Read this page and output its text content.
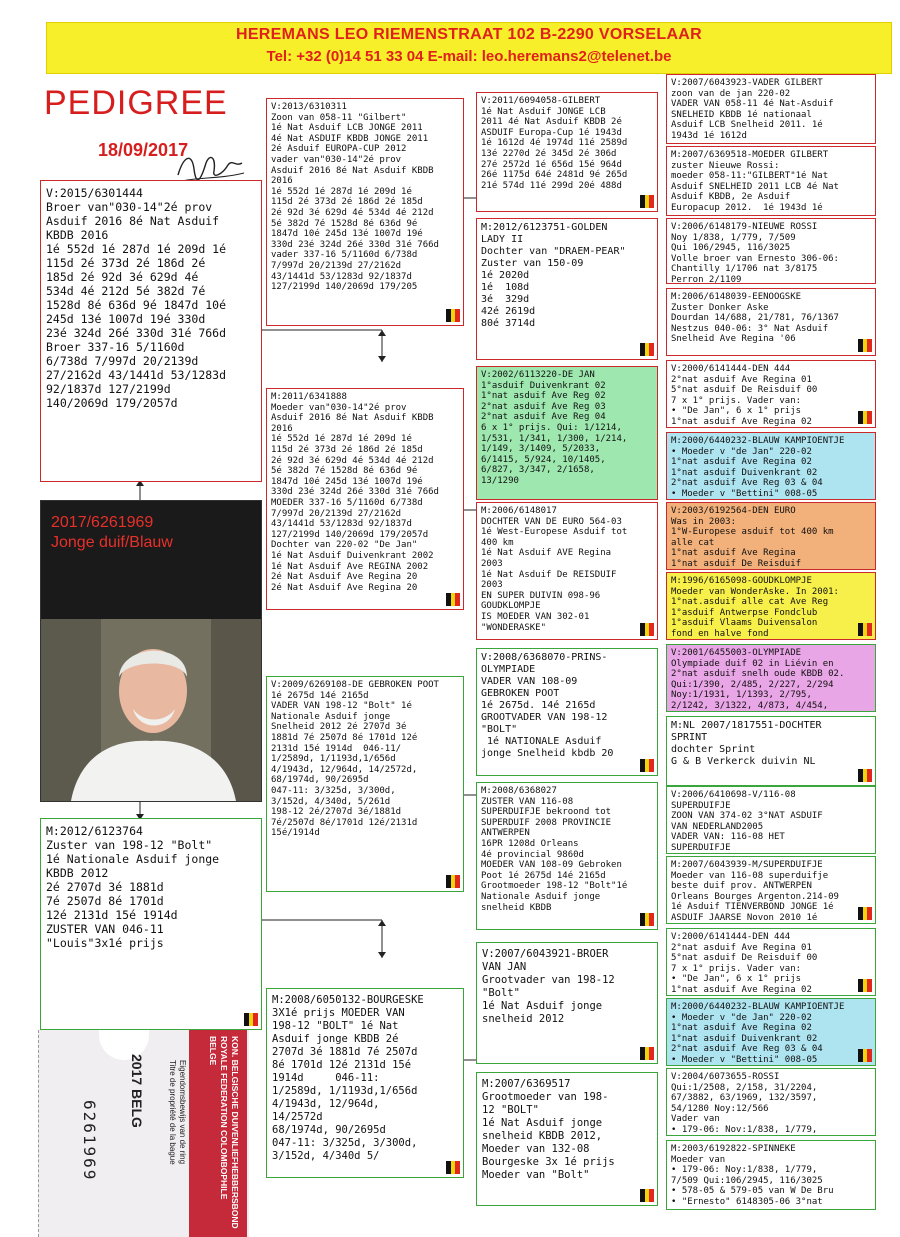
HEREMANS LEO RIEMENSTRAAT 102 B-2290 VORSELAAR
Tel: +32 (0)14 51 33 04 E-mail: leo.heremans2@telenet.be
PEDIGREE
18/09/2017
V:2015/6301444
Broer van"030-14"2é prov
Asduif 2016 8é Nat Asduif
KBDB 2016
1é 552d 1é 287d 1é 209d 1é
115d 2é 373d 2é 186d 2é
185d 2é 92d 3é 629d 4é
534d 4é 212d 5é 382d 7é
1528d 8é 636d 9é 1847d 10é
245d 13é 1007d 19é 330d
23é 324d 26é 330d 31é 766d
Broer 337-16 5/1160d
6/738d 7/997d 20/2139d
27/2162d 43/1441d 53/1283d
92/1837d 127/2199d
140/2069d 179/2057d
M:2012/6123764
Zuster van 198-12 "Bolt"
1é Nationale Asduif jonge
KBDB 2012
2é 2707d 3é 1881d
7é 2507d 8é 1701d
12é 2131d 15é 1914d
ZUSTER VAN 046-11
"Louis"3x1é prijs
2017/6261969
Jonge duif/Blauw
6261969
2017 BELG	Eigendomsbewijs van de ring
Titre de propriété de la bague	KON. BELGISCHE DUIVENLIEFHEBBERSBOND
ROYALE FEDERATION COLOMBOPHILE BELGE
V:2013/6310311
Zoon van 058-11 "Gilbert"
1é Nat Asduif LCB JONGE 2011
4é Nat ASDUIF KBDB JONGE 2011
2é Asduif EUROPA-CUP 2012
vader van"030-14"2é prov
Asduif 2016 8é Nat Asduif KBDB
2016
1é 552d 1é 287d 1é 209d 1é
115d 2é 373d 2é 186d 2é 185d
2é 92d 3é 629d 4é 534d 4é 212d
5é 382d 7é 1528d 8é 636d 9é
1847d 10é 245d 13é 1007d 19é
330d 23é 324d 26é 330d 31é 766d
vader 337-16 5/1160d 6/738d
7/997d 20/2139d 27/2162d
43/1441d 53/1283d 92/1837d
127/2199d 140/2069d 179/205
M:2011/6341888
Moeder van"030-14"2é prov
Asduif 2016 8é Nat Asduif KBDB
2016
1é 552d 1é 287d 1é 209d 1é
115d 2é 373d 2é 186d 2é 185d
2é 92d 3é 629d 4é 534d 4é 212d
5é 382d 7é 1528d 8é 636d 9é
1847d 10é 245d 13é 1007d 19é
330d 23é 324d 26é 330d 31é 766d
MOEDER 337-16 5/1160d 6/738d
7/997d 20/2139d 27/2162d
43/1441d 53/1283d 92/1837d
127/2199d 140/2069d 179/2057d
Dochter van 220-02 "De Jan"
1é Nat Asduif Duivenkrant 2002
1é Nat Asduif Ave REGINA 2002
2é Nat Asduif Ave Regina 20
2é Nat Asduif Ave Regina 20
V:2009/6269108-DE GEBROKEN POOT
1é 2675d 14é 2165d
VADER VAN 198-12 "Bolt" 1é
Nationale Asduif jonge
Snelheid 2012 2é 2707d 3é
1881d 7é 2507d 8é 1701d 12é
2131d 15é 1914d  046-11/
1/2589d, 1/1193d,1/656d
4/1943d, 12/964d, 14/2572d,
68/1974d, 90/2695d
047-11: 3/325d, 3/300d,
3/152d, 4/340d, 5/261d
198-12 2é/2707d 3é/1881d
7é/2507d 8é/1701d 12é/2131d
15é/1914d
M:2008/6050132-BOURGESKE
3X1é prijs MOEDER VAN
198-12 "BOLT" 1é Nat
Asduif jonge KBDB 2é
2707d 3é 1881d 7é 2507d
8é 1701d 12é 2131d 15é
1914d     046-11:
1/2589d, 1/1193d,1/656d
4/1943d, 12/964d,
14/2572d
68/1974d, 90/2695d
047-11: 3/325d, 3/300d,
3/152d, 4/340d 5/
V:2011/6094058-GILBERT
1é Nat Asduif JONGE LCB
2011 4é Nat Asduif KBDB 2é
ASDUIF Europa-Cup 1é 1943d
1é 1612d 4é 1974d 11é 2589d
13é 2270d 2é 345d 2é 306d
27é 2572d 1é 656d 15é 964d
26é 1175d 64é 2481d 9é 265d
21é 574d 11é 299d 20é 488d
M:2012/6123751-GOLDEN
LADY II
Dochter van "DRAEM-PEAR"
Zuster van 150-09
1é 2020d
1é  108d
3é  329d
42é 2619d
80é 3714d
V:2002/6113220-DE JAN
1°asduif Duivenkrant 02
1°nat asduif Ave Reg 02
2°nat asduif Ave Reg 03
2°nat asduif Ave Reg 04
6 x 1° prijs. Qui: 1/1214,
1/531, 1/341, 1/300, 1/214,
1/149, 3/1409, 5/2033,
6/1415, 5/924, 10/1405,
6/827, 3/347, 2/1658,
13/1290
M:2006/6148017
DOCHTER VAN DE EURO 564-03
1é West-Europese Asduif tot
400 km
1é Nat Asduif AVE Regina
2003
1é Nat Asduif De REISDUIF
2003
EN SUPER DUIVIN 098-96
GOUDKLOMPJE
IS MOEDER VAN 302-01
"WONDERASKE"
V:2008/6368070-PRINS-
OLYMPIADE
VADER VAN 108-09
GEBROKEN POOT
1é 2675d. 14é 2165d
GROOTVADER VAN 198-12
"BOLT"
1é NATIONALE Asduif
jonge Snelheid kbdb 20
M:2008/6368027
ZUSTER VAN 116-08
SUPERDUIFJE bekroond tot
SUPERDUIF 2008 PROVINCIE
ANTWERPEN
16PR 1208d Orleans
4é provincial 9860d
MOEDER VAN 108-09 Gebroken
Poot 1é 2675d 14é 2165d
Grootmoeder 198-12 "Bolt"1é
Nationale Asduif jonge
snelheid KBDB
V:2007/6043921-BROER
VAN JAN
Grootvader van 198-12
"Bolt"
1é Nat Asduif jonge
snelheid 2012
M:2007/6369517
Grootmoeder van 198-
12 "BOLT"
1é Nat Asduif jonge
snelheid KBDB 2012,
Moeder van 132-08
Bourgeske 3x 1é prijs
Moeder van "Bolt"
V:2007/6043923-VADER GILBERT
zoon van de jan 220-02
VADER VAN 058-11 4é Nat-Asduif
SNELHEID KBDB 1é nationaal
Asduif LCB Snelheid 2011. 1é
1943d 1é 1612d
M:2007/6369518-MOEDER GILBERT
zuster Nieuwe Rossi:
moeder 058-11:"GILBERT"1é Nat
Asduif SNELHEID 2011 LCB 4é Nat
Asduif KBDB, 2e Asduif
Europacup 2012.  1é 1943d 1é
V:2006/6148179-NIEUWE ROSSI
Noy 1/838, 1/779, 7/509
Qui 106/2945, 116/3025
Volle broer van Ernesto 306-06:
Chantilly 1/1706 nat 3/8175
Perron 2/1109
M:2006/6148039-EENOOGSKE
Zuster Donker Aske
Dourdan 14/688, 21/781, 76/1367
Nestzus 040-06: 3° Nat Asduif
Snelheid Ave Regina '06
V:2000/6141444-DEN 444
2°nat asduif Ave Regina 01
5°nat asduif De Reisduif 00
7 x 1° prijs. Vader van:
• "De Jan", 6 x 1° prijs
1°nat asduif Ave Regina 02
M:2000/6440232-BLAUW KAMPIOENTJE
• Moeder v "de Jan" 220-02
1°nat asduif Ave Regina 02
1°nat asduif Duivenkrant 02
2°nat asduif Ave Reg 03 & 04
• Moeder v "Bettini" 008-05
V:2003/6192564-DEN EURO
Was in 2003:
1°W-Europese asduif tot 400 km
alle cat
1°nat asduif Ave Regina
1°nat asduif De Reisduif
M:1996/6165098-GOUDKLOMPJE
Moeder van WonderAske. In 2001:
1°nat.asduif alle cat Ave Reg
1°asduif Antwerpse Fondclub
1°asduif Vlaams Duivensalon
fond en halve fond
V:2001/6455003-OLYMPIADE
Olympiade duif 02 in Liévin en
2°nat asduif snelh oude KBDB 02.
Qui:1/390, 2/485, 2/227, 2/294
Noy:1/1931, 1/1393, 2/795,
2/1242, 3/1322, 4/873, 4/454,
M:NL 2007/1817551-DOCHTER
SPRINT
dochter Sprint
G & B Verkerck duivin NL
V:2006/6410698-V/116-08
SUPERDUIFJE
ZOON VAN 374-02 3°NAT ASDUIF
VAN NEDERLAND2005
VADER VAN: 116-08 HET
SUPERDUIFJE
M:2007/6043939-M/SUPERDUIFJE
Moeder van 116-08 superduifje
beste duif prov. ANTWERPEN
Orleans Bourges Argenton.214-09
1é Asduif TIENVERBOND JONGE 1é
ASDUIF JAARSE Novon 2010 1é
V:2000/6141444-DEN 444
2°nat asduif Ave Regina 01
5°nat asduif De Reisduif 00
7 x 1° prijs. Vader van:
• "De Jan", 6 x 1° prijs
1°nat asduif Ave Regina 02
M:2000/6440232-BLAUW KAMPIOENTJE
• Moeder v "de Jan" 220-02
1°nat asduif Ave Regina 02
1°nat asduif Duivenkrant 02
2°nat asduif Ave Reg 03 & 04
• Moeder v "Bettini" 008-05
V:2004/6073655-ROSSI
Qui:1/2508, 2/158, 31/2204,
67/3882, 63/1969, 132/3597,
54/1280 Noy:12/566
Vader van
• 179-06: Nov:1/838, 1/779,
M:2003/6192822-SPINNEKE
Moeder van
• 179-06: Noy:1/838, 1/779,
7/509 Qui:106/2945, 116/3025
• 578-05 & 579-05 van W De Bru
• "Ernesto" 6148305-06 3°nat
